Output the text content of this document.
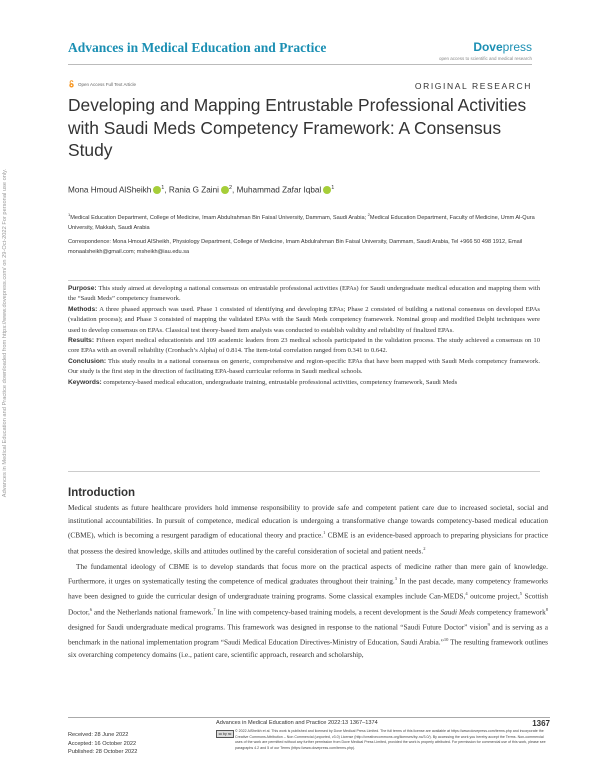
Advances in Medical Education and Practice	Dovepress
open access to scientific and medical research
Open Access Full Text Article	ORIGINAL RESEARCH
Developing and Mapping Entrustable Professional Activities with Saudi Meds Competency Framework: A Consensus Study
Mona Hmoud AlSheikh $^1$, Rania G Zaini $^2$, Muhammad Zafar Iqbal $^1$
$^1$Medical Education Department, College of Medicine, Imam Abdulrahman Bin Faisal University, Dammam, Saudi Arabia; $^2$Medical Education Department, Faculty of Medicine, Umm Al-Qura University, Makkah, Saudi Arabia
Correspondence: Mona Hmoud AlSheikh, Physiology Department, College of Medicine, Imam Abdulrahman Bin Faisal University, Dammam, Saudi Arabia, Tel +966 50 498 1912, Email monaalsheikh@gmail.com; msheikh@iau.edu.sa

Purpose: This study aimed at developing a national consensus on entrustable professional activities (EPAs) for Saudi undergraduate medical education and mapping them with the “Saudi Meds” competency framework.

Methods: A three phased approach was used. Phase 1 consisted of identifying and developing EPAs; Phase 2 consisted of building a national consensus on developed EPAs (validation process); and Phase 3 consisted of mapping the validated EPAs with the Saudi Meds competency framework. Nominal group and modified Delphi techniques were used to develop consensus on EPAs. Classical test theory-based item analysis was conducted to establish validity and reliability of finalized EPAs.

Results: Fifteen expert medical educationists and 109 academic leaders from 23 medical schools participated in the validation process. The study achieved a consensus on 10 core EPAs with an overall reliability (Cronbach’s Alpha) of 0.814. The item-total correlation ranged from 0.341 to 0.642.

Conclusion: This study results in a national consensus on generic, comprehensive and region-specific EPAs that have been mapped with Saudi Meds competency framework. Our study is the first step in the direction of facilitating EPA-based curricular reforms in Saudi medical schools.

Keywords: competency-based medical education, undergraduate training, entrustable professional activities, competency framework, Saudi Meds

Advances in Medical Education and Practice downloaded from https://www.dovepress.com/ on 29-Oct-2022 For personal use only.	Introduction

Medical students as future healthcare providers hold immense responsibility to provide safe and competent patient care due to increased societal, social and institutional accountabilities. In pursuit of competence, medical education is undergoing a transformative change towards competency-based medical education (CBME), which is becoming a resurgent paradigm of educational theory and practice.$^1$ CBME is an evidence-based approach to preparing physicians for practice that possess the desired knowledge, skills and attitudes outlined by the careful consideration of societal and patient needs.$^2$

The fundamental ideology of CBME is to develop standards that focus more on the practical aspects of medicine rather than mere gain of knowledge. Furthermore, it urges on systematically testing the competence of medical graduates throughout their training.$^3$ In the past decade, many competency frameworks have been designed to guide the curricular design of undergraduate training programs. Some classical examples include Can-MEDS,$^4$ outcome project,$^5$ Scottish Doctor,$^6$ and the Netherlands national framework.$^7$ In line with competency-based training models, a recent development is the Saudi Meds competency framework$^8$ designed for Saudi undergraduate medical programs. This framework was designed in response to the national “Saudi Future Doctor” vision$^9$ and is serving as a benchmark in the national implementation program “Saudi Medical Education Directives-Ministry of Education, Saudi Arabia.”$^{10}$ The resulting framework outlines six overarching competency domains (i.e., patient care, scientific approach, research and scholarship,

Received: 28 June 2022
Accepted: 16 October 2022
Published: 28 October 2022
Advances in Medical Education and Practice 2022:13 1367–1374	1367
cc by nc
© 2022 AlSheikh et al. This work is published and licensed by Dove Medical Press Limited. The full terms of this license are available at https://www.dovepress.com/terms.php and incorporate the Creative Commons Attribution – Non Commercial (unported, v3.0) License (http://creativecommons.org/licenses/by-nc/3.0/). By accessing the work you hereby accept the Terms. Non-commercial uses of the work are permitted without any further permission from Dove Medical Press Limited, provided the work is properly attributed. For permission for commercial use of this work, please see paragraphs 4.2 and 5 of our Terms (https://www.dovepress.com/terms.php).
